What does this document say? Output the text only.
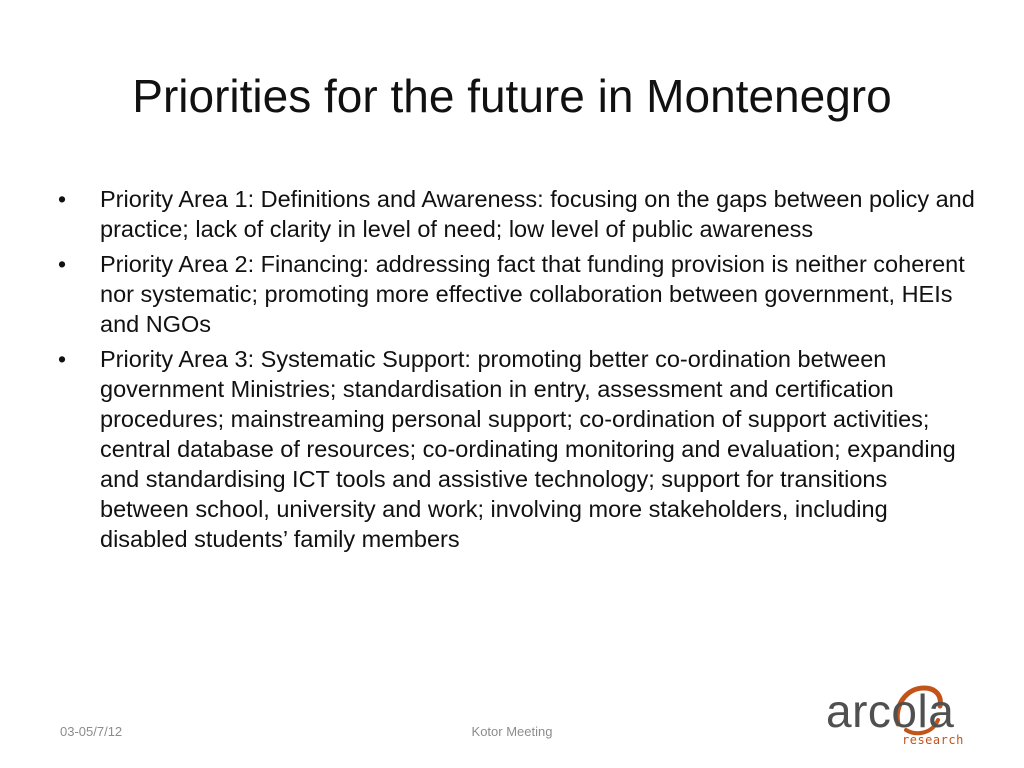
Priorities for the future in Montenegro
•	Priority Area 1: Definitions and Awareness: focusing on the gaps between policy and practice; lack of clarity in level of need; low level of public awareness
•	Priority Area 2: Financing: addressing fact that funding provision is neither coherent nor systematic; promoting more effective collaboration between government, HEIs and NGOs
•	Priority Area 3: Systematic Support: promoting better co-ordination between government Ministries; standardisation in entry, assessment and certification procedures; mainstreaming personal support; co-ordination of support activities; central database of resources; co-ordinating monitoring and evaluation; expanding and standardising ICT tools and assistive technology; support for transitions between school, university and work; involving more stakeholders, including disabled students’ family members
03-05/7/12	Kotor Meeting	arcola
research
